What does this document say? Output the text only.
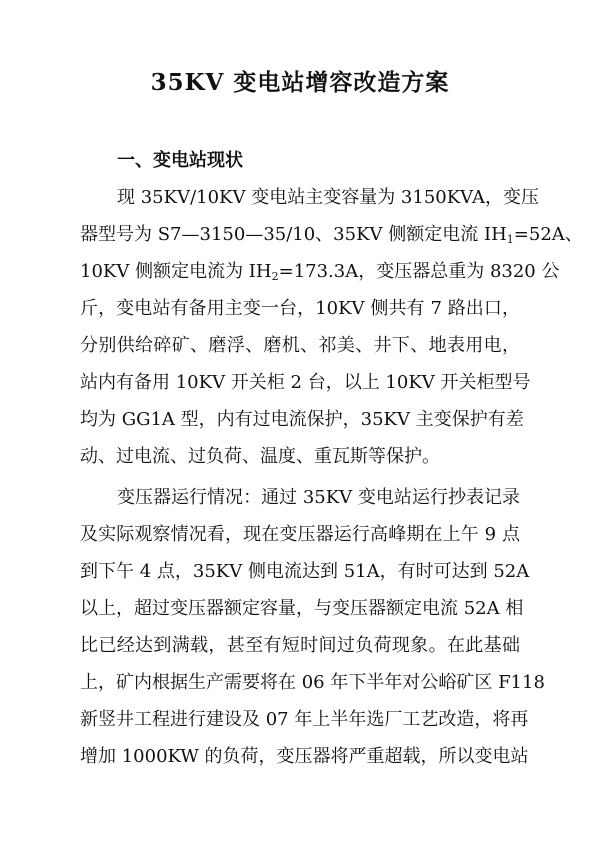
35KV 变电站增容改造方案
一、变电站现状
现 35KV/10KV 变电站主变容量为 3150KVA，变压
器型号为 S7—3150—35/10、35KV 侧额定电流 $IH_1=52A$、
10KV 侧额定电流为 $IH_2=173.3A$，变压器总重为 8320 公
斤，变电站有备用主变一台，10KV 侧共有 7 路出口，
分别供给碎矿、磨浮、磨机、祁美、井下、地表用电，
站内有备用 10KV 开关柜 2 台，以上 10KV 开关柜型号
均为 GG1A 型，内有过电流保护，35KV 主变保护有差
动、过电流、过负荷、温度、重瓦斯等保护。
变压器运行情况：通过 35KV 变电站运行抄表记录
及实际观察情况看，现在变压器运行高峰期在上午 9 点
到下午 4 点，35KV 侧电流达到 51A，有时可达到 52A
以上，超过变压器额定容量，与变压器额定电流 52A 相
比已经达到满载，甚至有短时间过负荷现象。在此基础
上，矿内根据生产需要将在 06 年下半年对公峪矿区 F118
新竖井工程进行建设及 07 年上半年选厂工艺改造，将再
增加 1000KW 的负荷，变压器将严重超载，所以变电站
